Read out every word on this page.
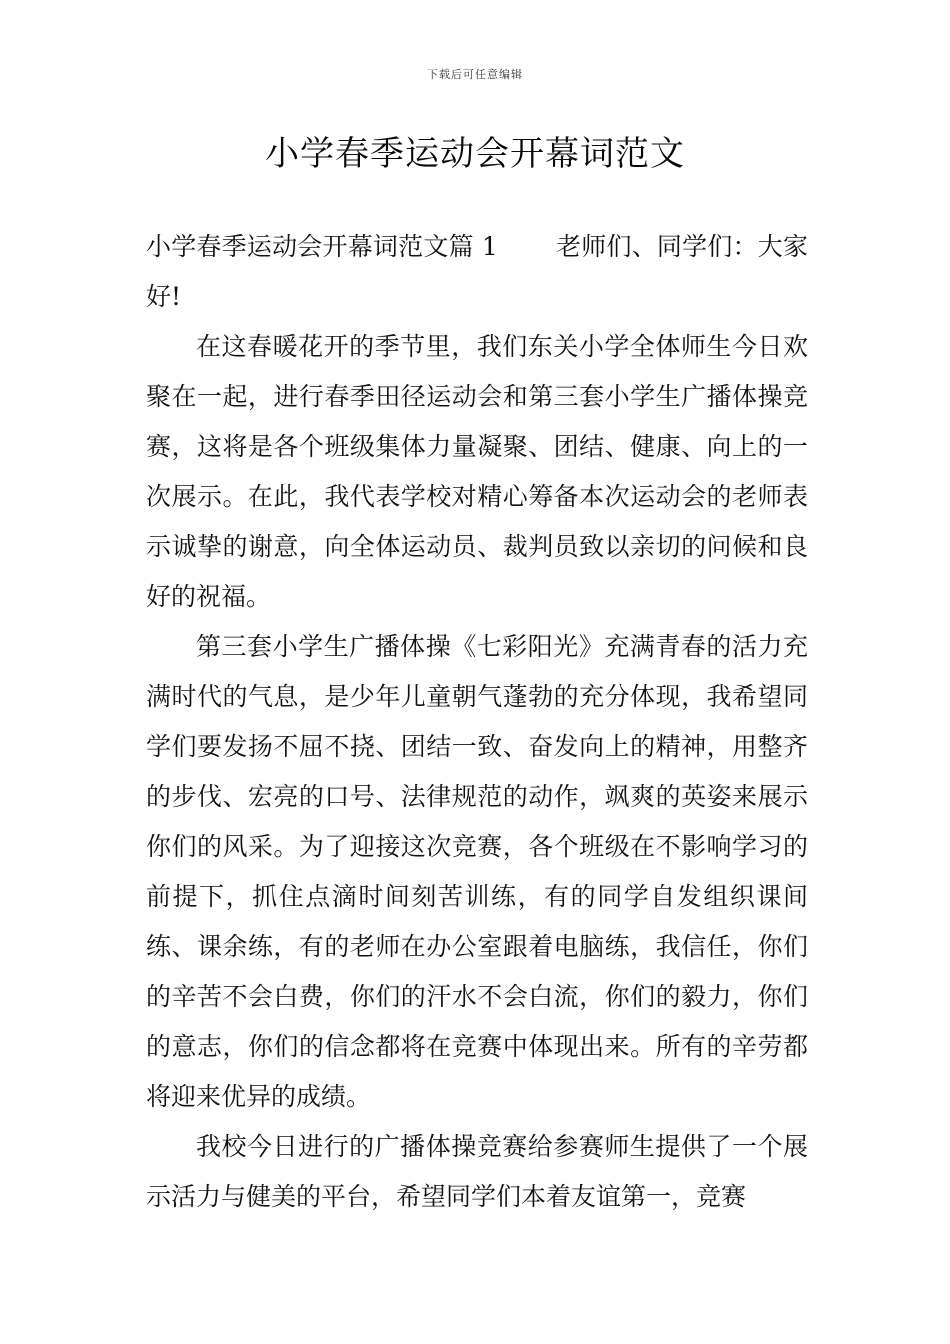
下载后可任意编辑
小学春季运动会开幕词范文

小学春季运动会开幕词范文篇 1 老师们、同学们：大家好!

在这春暖花开的季节里，我们东关小学全体师生今日欢聚在一起，进行春季田径运动会和第三套小学生广播体操竞赛，这将是各个班级集体力量凝聚、团结、健康、向上的一次展示。在此，我代表学校对精心筹备本次运动会的老师表示诚挚的谢意，向全体运动员、裁判员致以亲切的问候和良好的祝福。

第三套小学生广播体操《七彩阳光》充满青春的活力充满时代的气息，是少年儿童朝气蓬勃的充分体现，我希望同学们要发扬不屈不挠、团结一致、奋发向上的精神，用整齐的步伐、宏亮的口号、法律规范的动作，飒爽的英姿来展示你们的风采。为了迎接这次竞赛，各个班级在不影响学习的前提下，抓住点滴时间刻苦训练，有的同学自发组织课间练、课余练，有的老师在办公室跟着电脑练，我信任，你们的辛苦不会白费，你们的汗水不会白流，你们的毅力，你们的意志，你们的信念都将在竞赛中体现出来。所有的辛劳都将迎来优异的成绩。

我校今日进行的广播体操竞赛给参赛师生提供了一个展示活力与健美的平台，希望同学们本着友谊第一，竞赛
